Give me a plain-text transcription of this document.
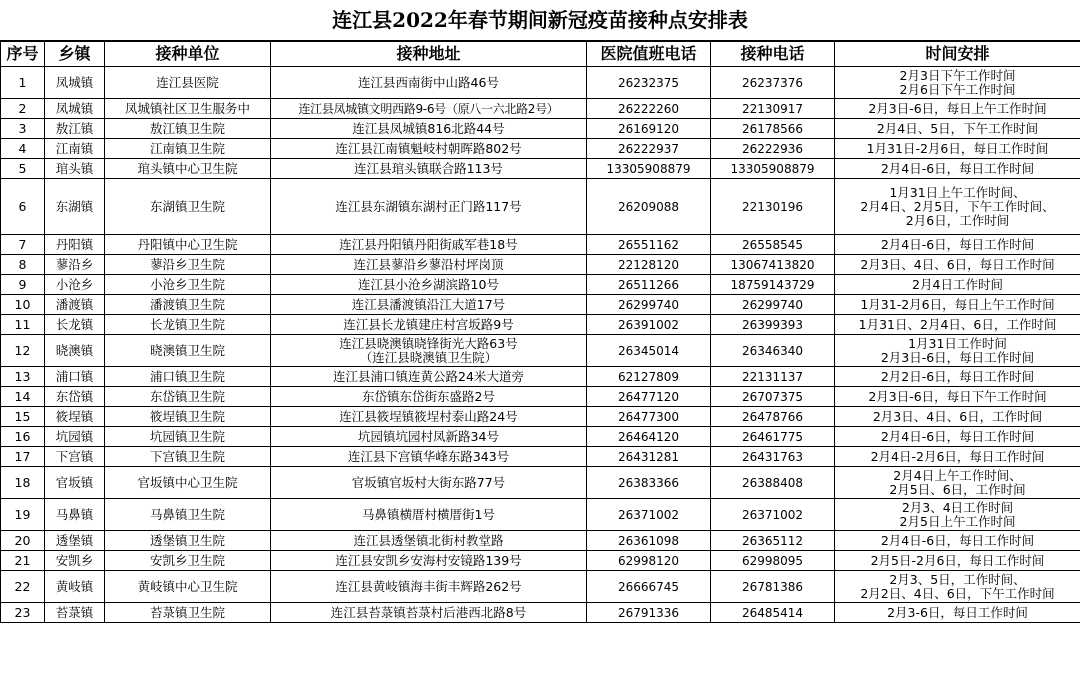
连江县2022年春节期间新冠疫苗接种点安排表
序号	乡镇	接种单位	接种地址	医院值班电话	接种电话	时间安排
1	凤城镇	连江县医院	连江县西南街中山路46号	26232375	26237376	2月3日下午工作时间
2月6日下午工作时间

2	凤城镇	凤城镇社区卫生服务中	连江县凤城镇文明西路9-6号（原八一六北路2号）	26222260	22130917	2月3日-6日，每日上午工作时间

3	敖江镇	敖江镇卫生院	连江县凤城镇816北路44号	26169120	26178566	2月4日、5日，下午工作时间

4	江南镇	江南镇卫生院	连江县江南镇魁岐村朝晖路802号	26222937	26222936	1月31日-2月6日，每日工作时间

5	琯头镇	琯头镇中心卫生院	连江县琯头镇联合路113号	13305908879	13305908879	2月4日-6日，每日工作时间

6	东湖镇	东湖镇卫生院	连江县东湖镇东湖村正门路117号	26209088	22130196	1月31日上午工作时间、
2月4日、2月5日，下午工作时间、
2月6日，工作时间

7	丹阳镇	丹阳镇中心卫生院	连江县丹阳镇丹阳街戚军巷18号	26551162	26558545	2月4日-6日，每日工作时间

8	蓼沿乡	蓼沿乡卫生院	连江县蓼沿乡蓼沿村坪岗顶	22128120	13067413820	2月3日、4日、6日，每日工作时间

9	小沧乡	小沧乡卫生院	连江县小沧乡湖滨路10号	26511266	18759143729	2月4日工作时间

10	潘渡镇	潘渡镇卫生院	连江县潘渡镇沿江大道17号	26299740	26299740	1月31-2月6日，每日上午工作时间

11	长龙镇	长龙镇卫生院	连江县长龙镇建庄村宫坂路9号	26391002	26399393	1月31日、2月4日、6日，工作时间

12	晓澳镇	晓澳镇卫生院	连江县晓澳镇晓锋街光大路63号
（连江县晓澳镇卫生院）	26345014	26346340	1月31日工作时间
2月3日-6日，每日工作时间

13	浦口镇	浦口镇卫生院	连江县浦口镇连黄公路24米大道旁	62127809	22131137	2月2日-6日，每日工作时间

14	东岱镇	东岱镇卫生院	东岱镇东岱街东盛路2号	26477120	26707375	2月3日-6日，每日下午工作时间

15	筱埕镇	筱埕镇卫生院	连江县筱埕镇筱埕村泰山路24号	26477300	26478766	2月3日、4日、6日，工作时间

16	坑园镇	坑园镇卫生院	坑园镇坑园村凤新路34号	26464120	26461775	2月4日-6日，每日工作时间

17	下宫镇	下宫镇卫生院	连江县下宫镇华峰东路343号	26431281	26431763	2月4日-2月6日，每日工作时间

18	官坂镇	官坂镇中心卫生院	官坂镇官坂村大街东路77号	26383366	26388408	2月4日上午工作时间、
2月5日、6日，工作时间

19	马鼻镇	马鼻镇卫生院	马鼻镇横厝村横厝街1号	26371002	26371002	2月3、4日工作时间
2月5日上午工作时间

20	透堡镇	透堡镇卫生院	连江县透堡镇北街村教堂路	26361098	26365112	2月4日-6日，每日工作时间

21	安凯乡	安凯乡卫生院	连江县安凯乡安海村安镜路139号	62998120	62998095	2月5日-2月6日，每日工作时间

22	黄岐镇	黄岐镇中心卫生院	连江县黄岐镇海丰街丰辉路262号	26666745	26781386	2月3、5日，工作时间、
2月2日、4日、6日，下午工作时间

23	苔菉镇	苔菉镇卫生院	连江县苔菉镇苔菉村后港西北路8号	26791336	26485414	2月3-6日，每日工作时间
